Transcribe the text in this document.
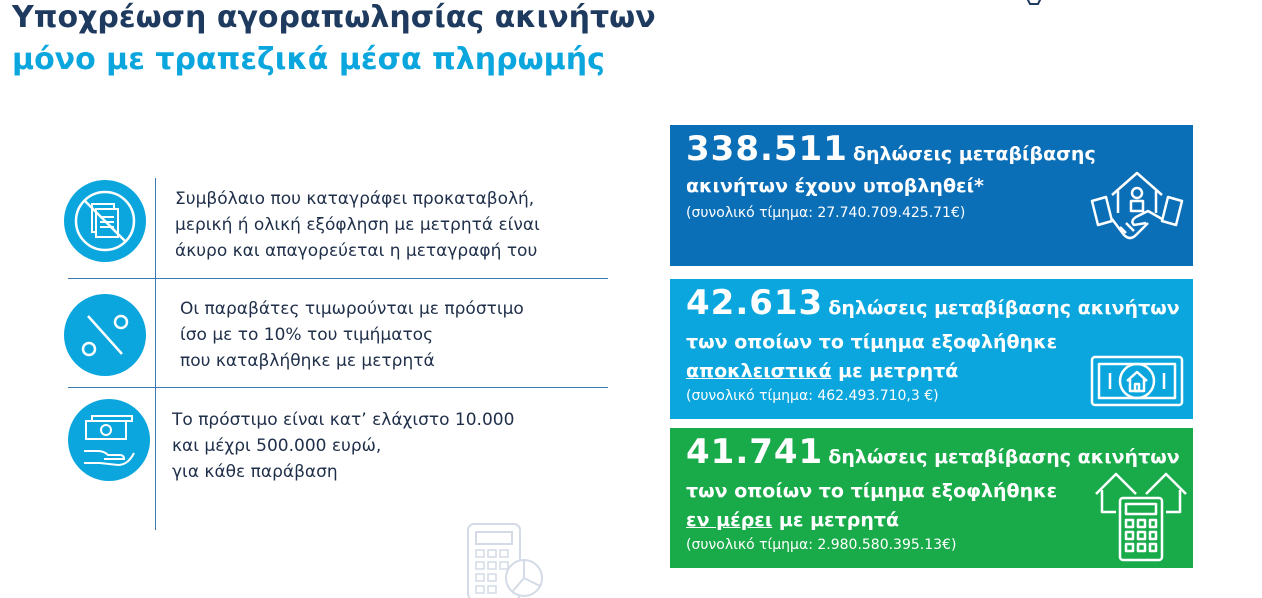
Υποχρέωση αγοραπωλησίας ακινήτων
μόνο με τραπεζικά μέσα πληρωμής
Συμβόλαιο που καταγράφει προκαταβολή,
μερική ή ολική εξόφληση με μετρητά είναι
άκυρο και απαγορεύεται η μεταγραφή του
Οι παραβάτες τιμωρούνται με πρόστιμο
ίσο με το 10% του τιμήματος
που καταβλήθηκε με μετρητά
Το πρόστιμο είναι κατ’ ελάχιστο 10.000
και μέχρι 500.000 ευρώ,
για κάθε παράβαση
338.511 δηλώσεις μεταβίβασης
ακινήτων έχουν υποβληθεί*
(συνολικό τίμημα: 27.740.709.425.71€)
42.613 δηλώσεις μεταβίβασης ακινήτων
των οποίων το τίμημα εξοφλήθηκε
αποκλειστικά με μετρητά
(συνολικό τίμημα: 462.493.710,3 €)
41.741 δηλώσεις μεταβίβασης ακινήτων
των οποίων το τίμημα εξοφλήθηκε
εν μέρει με μετρητά
(συνολικό τίμημα: 2.980.580.395.13€)
